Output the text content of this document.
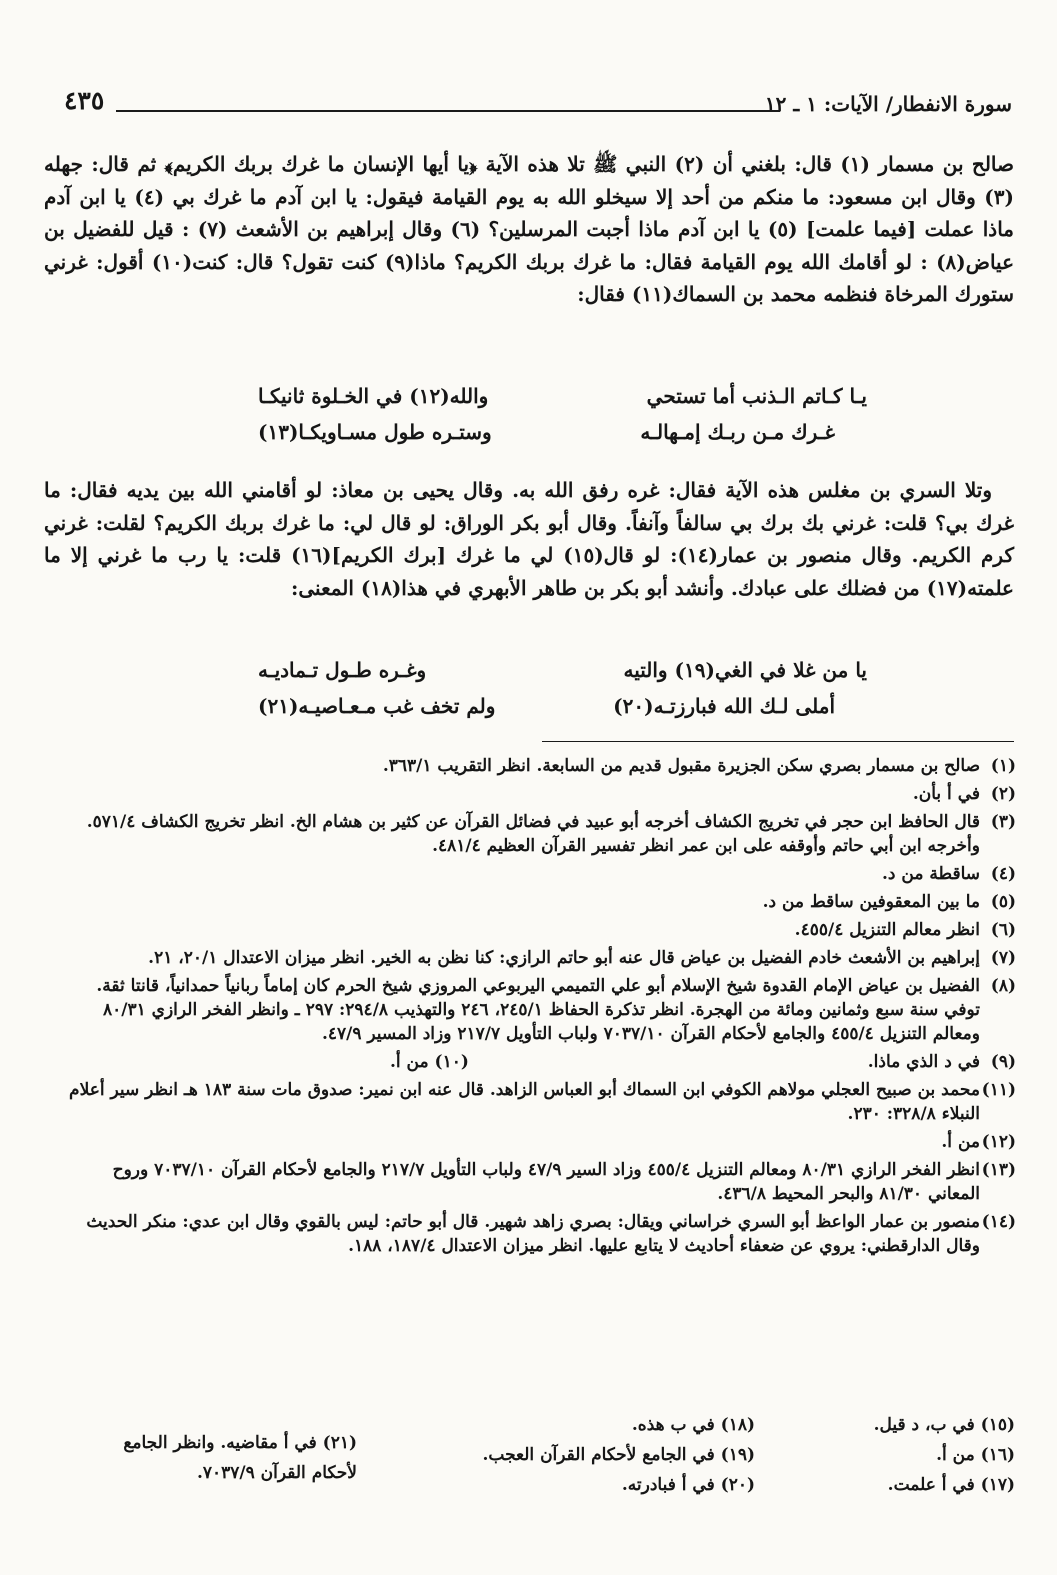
سورة الانفطار/ الآيات: ١ ـ ١٢
٤٣٥

صالح بن مسمار (١) قال: بلغني أن (٢) النبي ﷺ تلا هذه الآية ﴿يا أيها الإنسان ما غرك بربك الكريم﴾ ثم قال: جهله (٣) وقال ابن مسعود: ما منكم من أحد إلا سيخلو الله به يوم القيامة فيقول: يا ابن آدم ما غرك بي (٤) يا ابن آدم ماذا عملت [فيما علمت] (٥) يا ابن آدم ماذا أجبت المرسلين؟ (٦) وقال إبراهيم بن الأشعث (٧) : قيل للفضيل بن عياض(٨) : لو أقامك الله يوم القيامة فقال: ما غرك بربك الكريم؟ ماذا(٩) كنت تقول؟ قال: كنت(١٠) أقول: غرني ستورك المرخاة فنظمه محمد بن السماك(١١) فقال:

يـا كـاتم الـذنب أما تستحي
والله(١٢) في الخـلوة ثانيكـا
غـرك مـن ربـك إمـهالـه
وستـره طول مسـاويكـا(١٣)

وتلا السري بن مغلس هذه الآية فقال: غره رفق الله به. وقال يحيى بن معاذ: لو أقامني الله بين يديه فقال: ما غرك بي؟ قلت: غرني بك برك بي سالفاً وآنفاً. وقال أبو بكر الوراق: لو قال لي: ما غرك بربك الكريم؟ لقلت: غرني كرم الكريم. وقال منصور بن عمار(١٤): لو قال(١٥) لي ما غرك [برك الكريم](١٦) قلت: يا رب ما غرني إلا ما علمته(١٧) من فضلك على عبادك. وأنشد أبو بكر بن طاهر الأبهري في هذا(١٨) المعنى:

يا من غلا في الغي(١٩) والتيه
وغـره طـول تـماديـه
أملى لـك الله فبارزتـه(٢٠)
ولم تخف غب مـعـاصيـه(٢١)
(١)
صالح بن مسمار بصري سكن الجزيرة مقبول قديم من السابعة. انظر التقريب ٣٦٣/١.
(٢)
في أ بأن.
(٣)
قال الحافظ ابن حجر في تخريج الكشاف أخرجه أبو عبيد في فضائل القرآن عن كثير بن هشام الخ. انظر تخريج الكشاف ٥٧١/٤. وأخرجه ابن أبي حاتم وأوقفه على ابن عمر انظر تفسير القرآن العظيم ٤٨١/٤.
(٤)
ساقطة من د.
(٥)
ما بين المعقوفين ساقط من د.
(٦)
انظر معالم التنزيل ٤٥٥/٤.
(٧)
إبراهيم بن الأشعث خادم الفضيل بن عياض قال عنه أبو حاتم الرازي: كنا نظن به الخير. انظر ميزان الاعتدال ٢٠/١، ٢١.
(٨)
الفضيل بن عياض الإمام القدوة شيخ الإسلام أبو علي التميمي اليربوعي المروزي شيخ الحرم كان إماماً ربانياً حمدانياً، قانتا ثقة. توفي سنة سبع وثمانين ومائة من الهجرة. انظر تذكرة الحفاظ ٢٤٥/١، ٢٤٦ والتهذيب ٢٩٤/٨: ٢٩٧ ـ وانظر الفخر الرازي ٨٠/٣١ ومعالم التنزيل ٤٥٥/٤ والجامع لأحكام القرآن ٧٠٣٧/١٠ ولباب التأويل ٢١٧/٧ وزاد المسير ٤٧/٩.
(٩)
في د الذي ماذا.
(١٠) من أ.
(١١)
محمد بن صبيح العجلي مولاهم الكوفي ابن السماك أبو العباس الزاهد. قال عنه ابن نمير: صدوق مات سنة ١٨٣ هـ انظر سير أعلام النبلاء ٣٢٨/٨: ٢٣٠.
(١٢)
من أ.
(١٣)
انظر الفخر الرازي ٨٠/٣١ ومعالم التنزيل ٤٥٥/٤ وزاد السير ٤٧/٩ ولباب التأويل ٢١٧/٧ والجامع لأحكام القرآن ٧٠٣٧/١٠ وروح المعاني ٨١/٣٠ والبحر المحيط ٤٣٦/٨.
(١٤)
منصور بن عمار الواعظ أبو السري خراساني ويقال: بصري زاهد شهير. قال أبو حاتم: ليس بالقوي وقال ابن عدي: منكر الحديث وقال الدارقطني: يروي عن ضعفاء أحاديث لا يتابع عليها. انظر ميزان الاعتدال ١٨٧/٤، ١٨٨.
(١٥) في ب، د قيل.
(١٦) من أ.
(١٧) في أ علمت.
(١٨) في ب هذه.
(١٩) في الجامع لأحكام القرآن العجب.
(٢٠) في أ فبادرته.
(٢١) في أ مقاضيه. وانظر الجامع
لأحكام القرآن ٧٠٣٧/٩.
